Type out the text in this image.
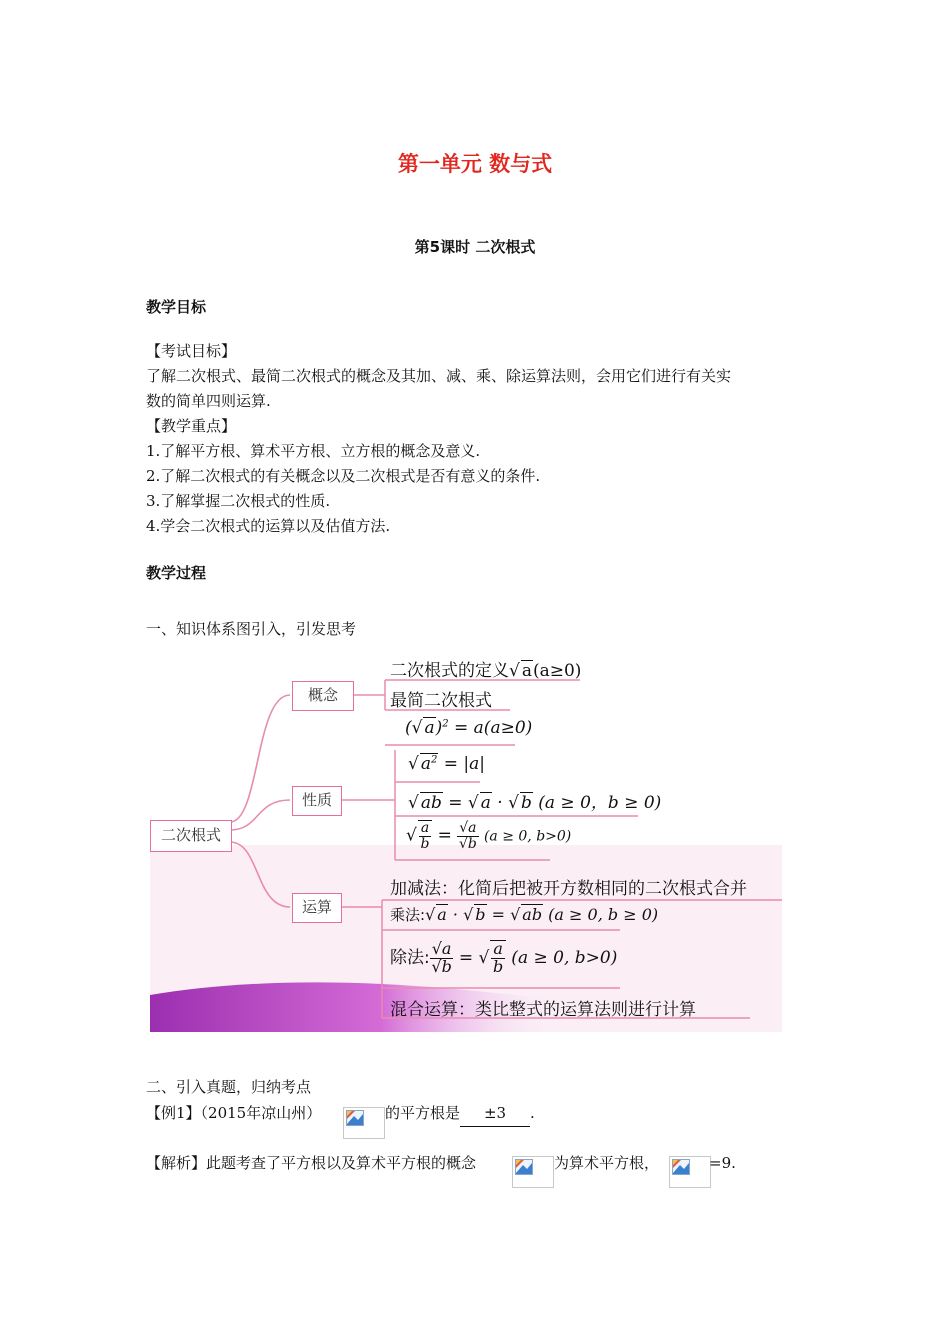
第一单元 数与式
第5课时 二次根式
教学目标
【考试目标】
了解二次根式、最简二次根式的概念及其加、减、乘、除运算法则，会用它们进行有关实
数的简单四则运算.
【教学重点】
1.了解平方根、算术平方根、立方根的概念及意义.
2.了解二次根式的有关概念以及二次根式是否有意义的条件.
3.了解掌握二次根式的性质.
4.学会二次根式的运算以及估值方法.
教学过程
一、知识体系图引入，引发思考
二次根式
概念
性质
运算
二次根式的定义√ a(a≥0)
最简二次根式
(√ a)$^2$ = a(a≥0)
√ $a^2 = |a|$
√ ab = √ a · √ b (a ≥ 0，b ≥ 0)
√ $\frac{a}{b} = \frac{√a}{√b} (a \ge 0$, b>0)
加减法：化简后把被开方数相同的二次根式合并
乘法:√ a · √ b = √ ab (a ≥ 0, b ≥ 0)
除法: $\frac{√a}{√b}$ = √ $\frac{a}{b} (a \ge 0$, b>0)
混合运算：类比整式的运算法则进行计算
二、引入真题，归纳考点
【例1】（2015年凉山州）	的平方根是 ±3 .
【解析】此题考查了平方根以及算术平方根的概念	为算术平方根，	=9.
